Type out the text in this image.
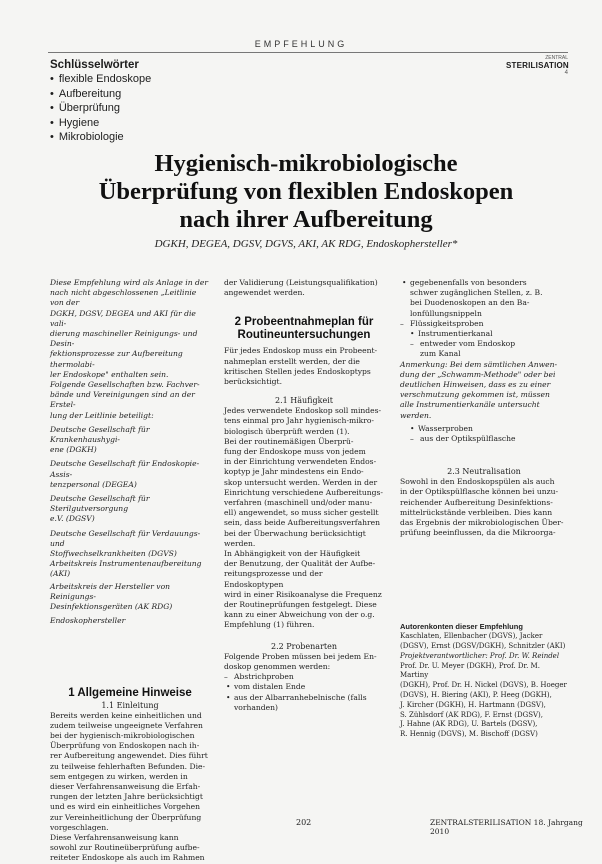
EMPFEHLUNG
ZENTRAL
STERILISATION
4
Schlüsselwörter
• flexible Endoskope
• Aufbereitung
• Überprüfung
• Hygiene
• Mikrobiologie
Hygienisch-mikrobiologische
Überprüfung von flexiblen Endoskopen
nach ihrer Aufbereitung
DGKH, DEGEA, DGSV, DGVS, AKI, AK RDG, Endoskophersteller*

Diese Empfehlung wird als Anlage in der

nach nicht abgeschlossenen „Leitlinie von der

DGKH, DGSV, DEGEA und AKI für die vali-

dierung maschineller Reinigungs- und Desin-

fektionsprozesse zur Aufbereitung thermolabi-

ler Endoskope" enthalten sein.

Folgende Gesellschaften bzw. Fachver-

bände und Vereinigungen sind an der Erstel-

lung der Leitlinie beteiligt:

Deutsche Gesellschaft für Krankenhaushygi-

ene (DGKH)

Deutsche Gesellschaft für Endoskopie-Assis-

tenzpersonal (DEGEA)

Deutsche Gesellschaft für Sterilgutversorgung

e.V. (DGSV)

Deutsche Gesellschaft für Verdauungs- und

Stoffwechselkrankheiten (DGVS)

Arbeitskreis Instrumentenaufbereitung (AKI)

Arbeitskreis der Hersteller von Reinigungs-

Desinfektionsgeräten (AK RDG)

Endoskophersteller

1 Allgemeine Hinweise

1.1 Einleitung

Bereits werden keine einheitlichen und

zudem teilweise ungeeignete Verfahren

bei der hygienisch-mikrobiologischen

Überprüfung von Endoskopen nach ih-

rer Aufbereitung angewendet. Dies führt

zu teilweise fehlerhaften Befunden. Die-

sem entgegen zu wirken, werden in

dieser Verfahrensanweisung die Erfah-

rungen der letzten Jahre berücksichtigt

und es wird ein einheitliches Vorgehen

zur Vereinheitlichung der Überprüfung

vorgeschlagen.

Diese Verfahrensanweisung kann

sowohl zur Routineüberprüfung aufbe-

reiteter Endoskope als auch im Rahmen

der Validierung (Leistungsqualifikation)

angewendet werden.

2 Probeentnahmeplan für

Routineuntersuchungen

Für jedes Endoskop muss ein Probeent-

nahmeplan erstellt werden, der die

kritischen Stellen jedes Endoskoptyps

berücksichtigt.

2.1 Häufigkeit

Jedes verwendete Endoskop soll mindes-

tens einmal pro Jahr hygienisch-mikro-

biologisch überprüft werden (1).

Bei der routinemäßigen Überprü-

fung der Endoskope muss von jedem

in der Einrichtung verwendeten Endos-

koptyp je Jahr mindestens ein Endo-

skop untersucht werden. Werden in der

Einrichtung verschiedene Aufbereitungs-

verfahren (maschinell und/oder manu-

ell) angewendet, so muss sicher gestellt

sein, dass beide Aufbereitungsverfahren

bei der Überwachung berücksichtigt

werden.

In Abhängigkeit von der Häufigkeit

der Benutzung, der Qualität der Aufbe-

reitungsprozesse und der Endoskoptypen

wird in einer Risikoanalyse die Frequenz

der Routineprüfungen festgelegt. Diese

kann zu einer Abweichung von der o.g.

Empfehlung (1) führen.

2.2 Probenarten

Folgende Proben müssen bei jedem En-

doskop genommen werden:

– Abstrichproben

• vom distalen Ende

• aus der Albarranhebelnische (falls

vorhanden)

• gegebenenfalls von besonders

schwer zugänglichen Stellen, z. B.

bei Duodenoskopen an den Ba-

lonfüllungsnippeln

– Flüssigkeitsproben

• Instrumentierkanal

– entweder vom Endoskop

zum Kanal

Anmerkung: Bei dem sämtlichen Anwen-

dung der „Schwamm-Methode" oder bei

deutlichen Hinweisen, dass es zu einer

verschmutzung gekommen ist, müssen

alle Instrumentierkanäle untersucht

werden.

• Wasserproben

– aus der Optikspülflasche

2.3 Neutralisation

Sowohl in den Endoskopspülen als auch

in der Optikspülflasche können bei unzu-

reichender Aufbereitung Desinfektions-

mittelrückstände verbleiben. Dies kann

das Ergebnis der mikrobiologischen Über-

prüfung beeinflussen, da die Mikroorga-

Autorenkonten dieser Empfehlung

Kaschlaten, Ellenbacher (DGVS), Jacker

(DGSV), Ernst (DGSV/DGKH), Schnitzler (AKI)

Projektverantwortlicher: Prof. Dr. W. Reindel

Prof. Dr. U. Meyer (DGKH), Prof. Dr. M. Martiny

(DGKH), Prof. Dr. H. Nickel (DGVS), B. Hoeger

(DGVS), H. Biering (AKI), P. Heeg (DGKH),

J. Kircher (DGKH), H. Hartmann (DGSV),

S. Zühlsdorf (AK RDG), F. Ernst (DGSV),

J. Hahne (AK RDG), U. Bartels (DGSV),

R. Hennig (DGVS), M. Bischoff (DGSV)

202	ZENTRALSTERILISATION 18. Jahrgang 2010
